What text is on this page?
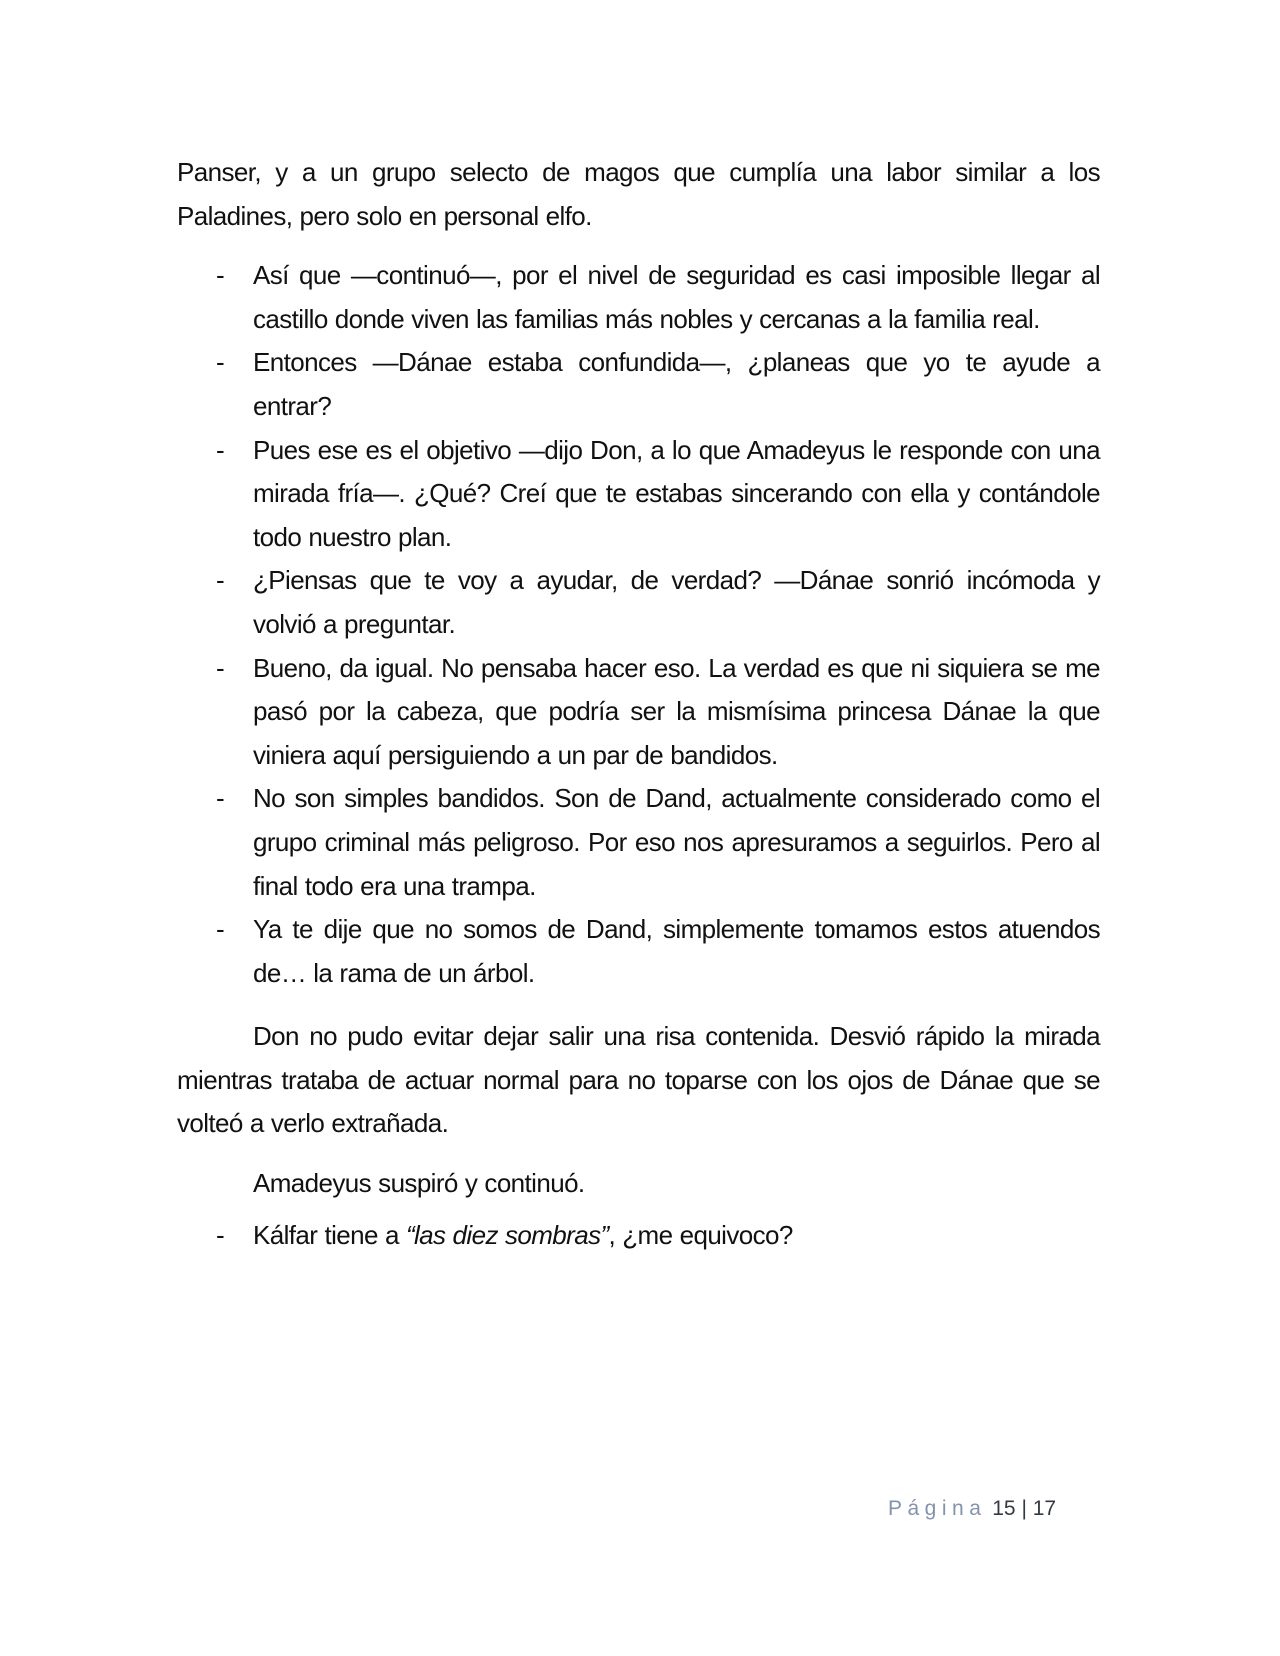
Panser, y a un grupo selecto de magos que cumplía una labor similar a los Paladines, pero solo en personal elfo.

- Así que —continuó—, por el nivel de seguridad es casi imposible llegar al castillo donde viven las familias más nobles y cercanas a la familia real.
- Entonces —Dánae estaba confundida—, ¿planeas que yo te ayude a entrar?
- Pues ese es el objetivo —dijo Don, a lo que Amadeyus le responde con una mirada fría—. ¿Qué? Creí que te estabas sincerando con ella y contándole todo nuestro plan.
- ¿Piensas que te voy a ayudar, de verdad? —Dánae sonrió incómoda y volvió a preguntar.
- Bueno, da igual. No pensaba hacer eso. La verdad es que ni siquiera se me pasó por la cabeza, que podría ser la mismísima princesa Dánae la que viniera aquí persiguiendo a un par de bandidos.
- No son simples bandidos. Son de Dand, actualmente considerado como el grupo criminal más peligroso. Por eso nos apresuramos a seguirlos. Pero al final todo era una trampa.
- Ya te dije que no somos de Dand, simplemente tomamos estos atuendos de… la rama de un árbol.

Don no pudo evitar dejar salir una risa contenida. Desvió rápido la mirada mientras trataba de actuar normal para no toparse con los ojos de Dánae que se volteó a verlo extrañada.

Amadeyus suspiró y continuó.

- Kálfar tiene a “las diez sombras”, ¿me equivoco?
Página 15 | 17
